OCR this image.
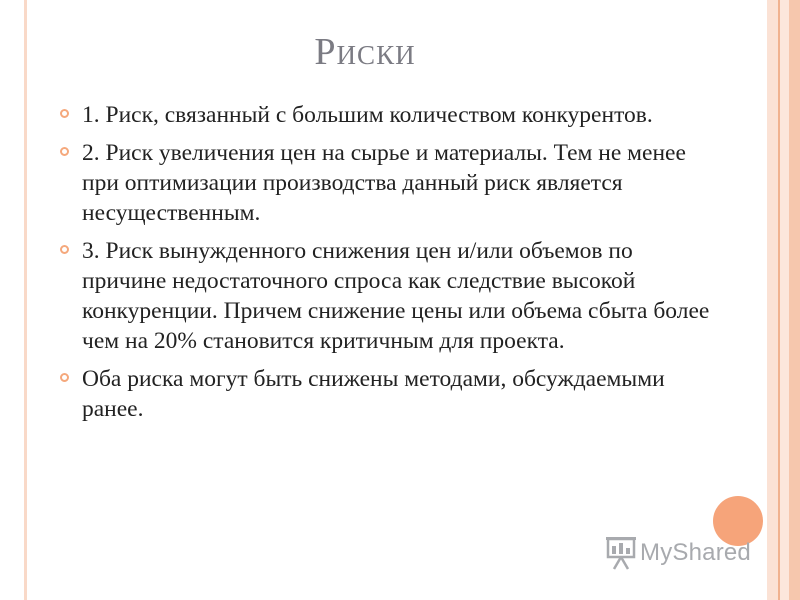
Риски
1. Риск, связанный с большим количеством конкурентов.
2. Риск увеличения цен на сырье и материалы. Тем не менее при оптимизации производства данный риск является несущественным.
3. Риск вынужденного снижения цен и/или объемов по причине недостаточного спроса как следствие высокой конкуренции. Причем снижение цены или объема сбыта более чем на 20% становится критичным для проекта.
Оба риска могут быть снижены методами, обсуждаемыми ранее.
MyShared
